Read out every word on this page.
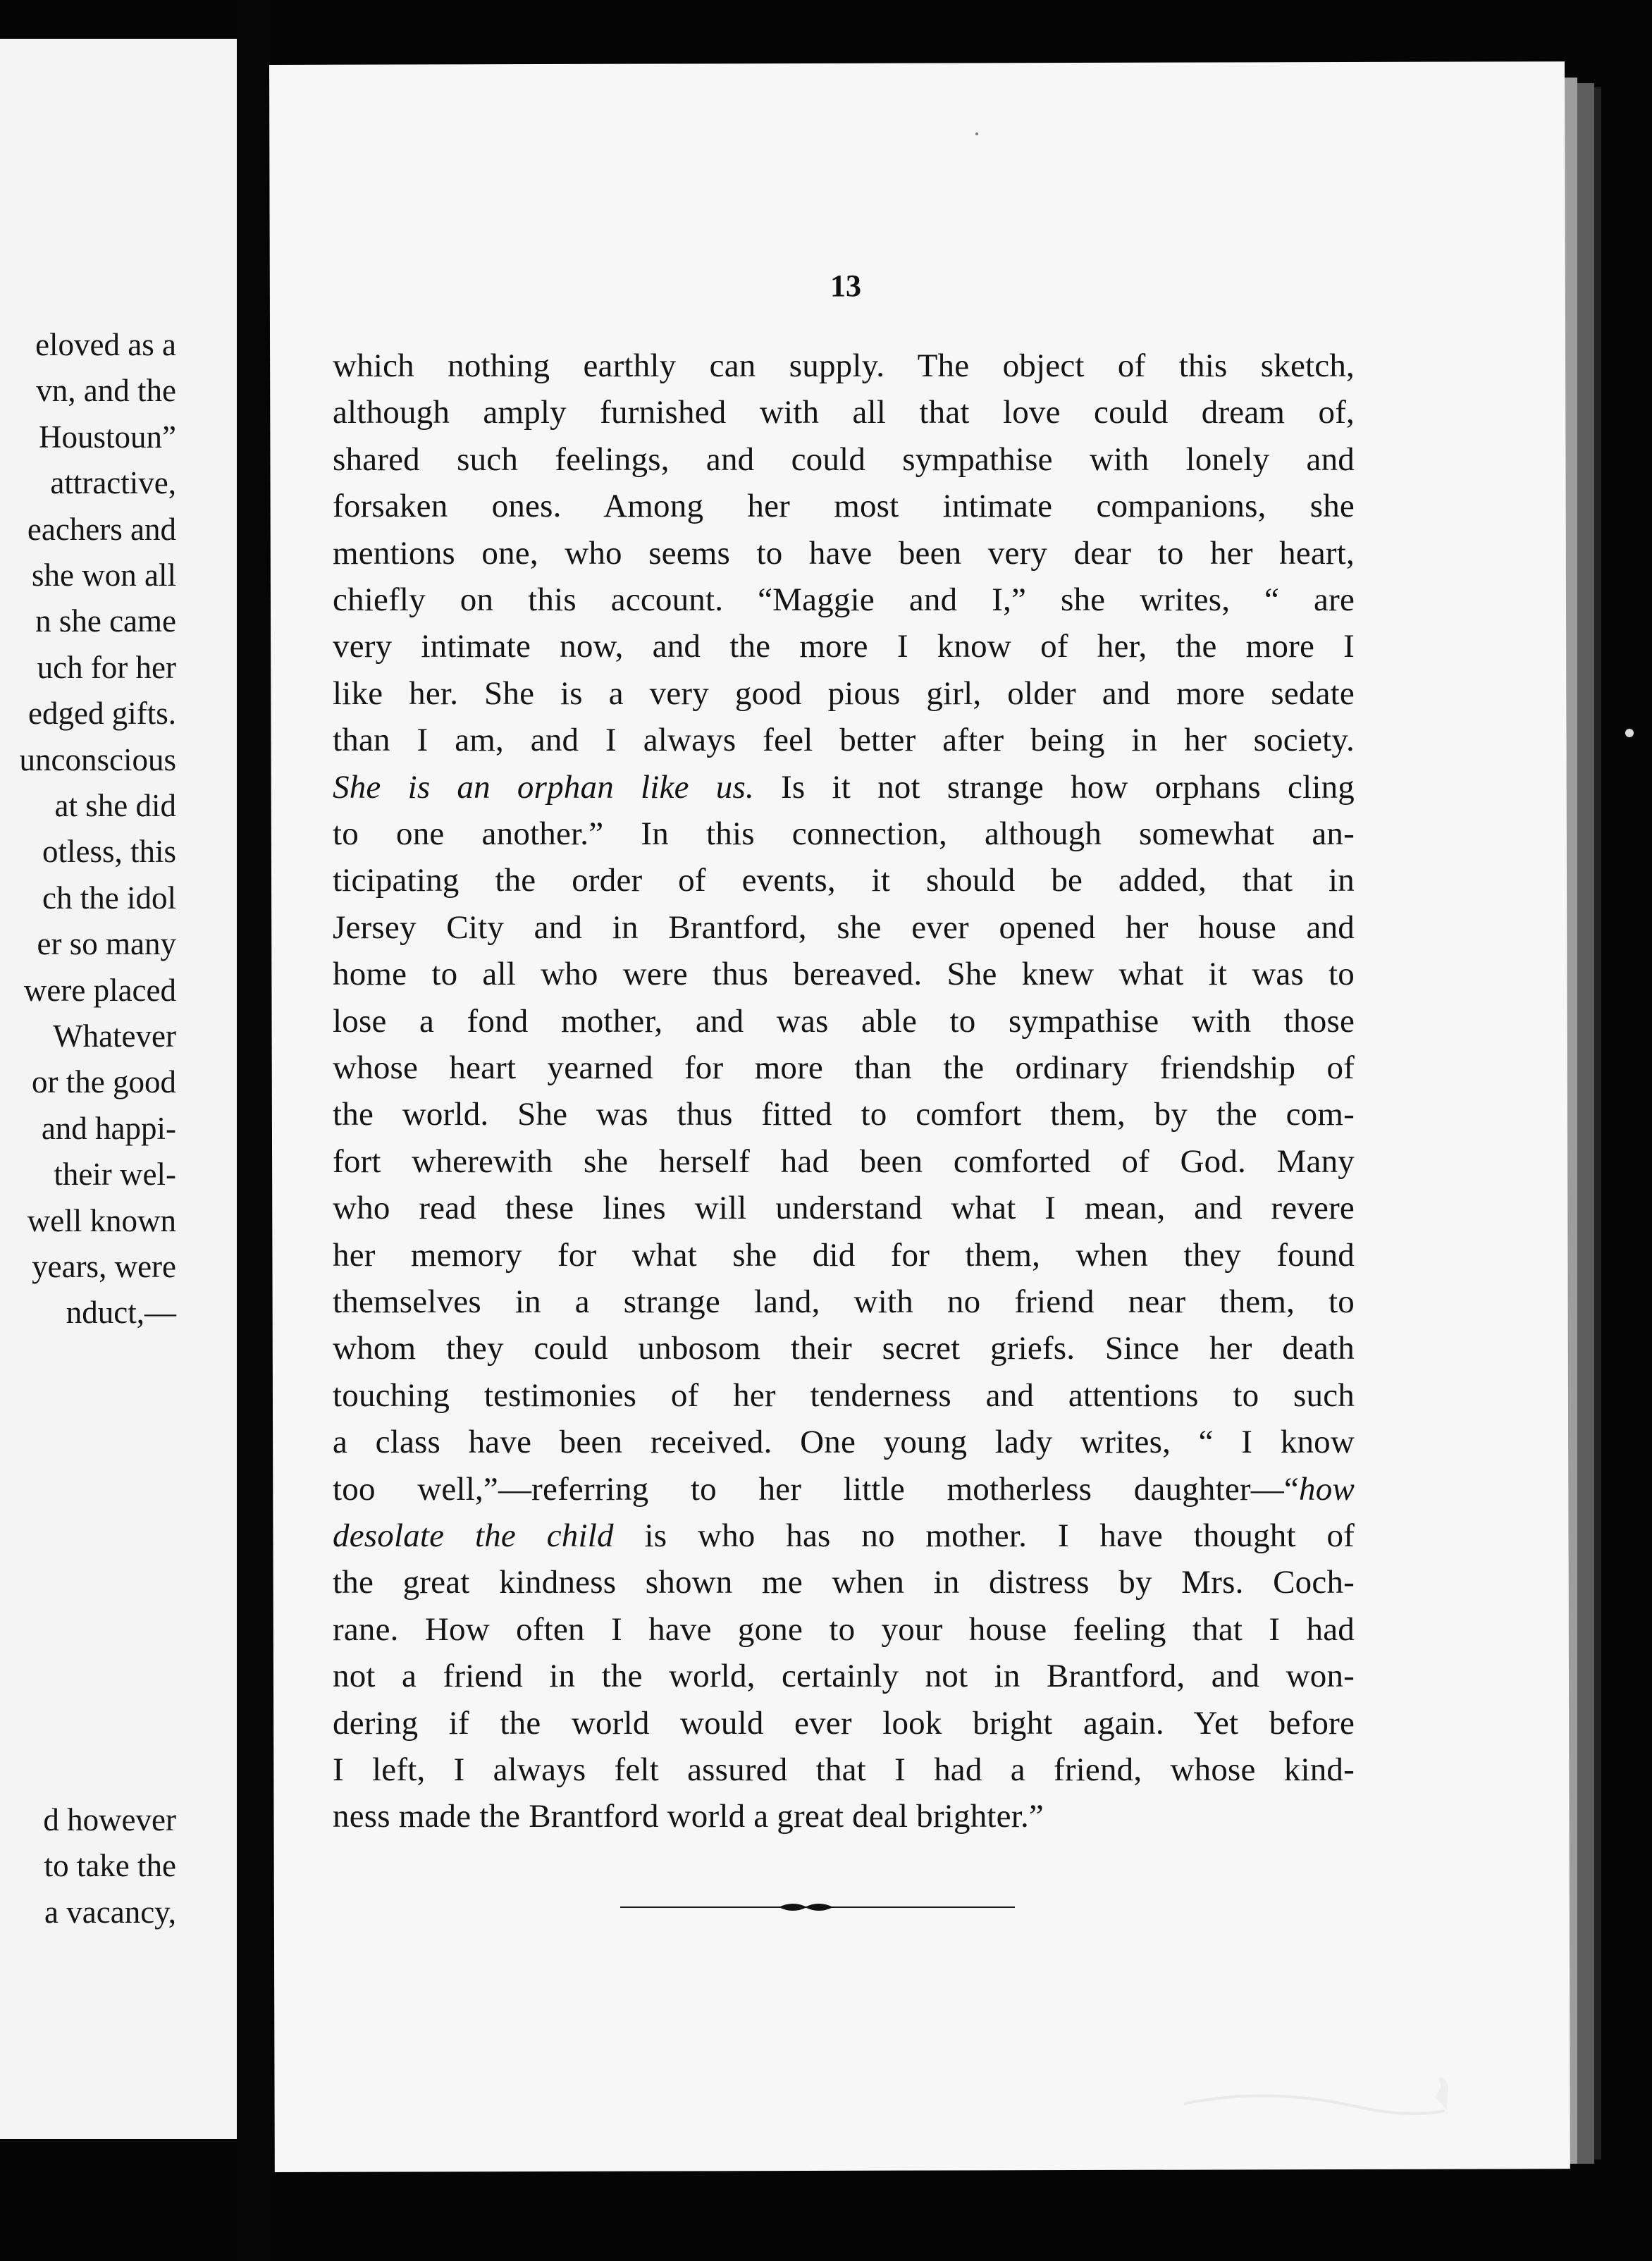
eloved as a
vn, and the
Houstoun”
attractive,
eachers and
she won all
n she came
uch for her
edged gifts.
unconscious
at she did
otless, this
ch the idol
er so many
were placed
Whatever
or the good
and happi-
their wel-
well known
years, were
nduct,—
d however
to take the
a vacancy,
13
which nothing earthly can supply. The object of this sketch,
although amply furnished with all that love could dream of,
shared such feelings, and could sympathise with lonely and
forsaken ones. Among her most intimate companions, she
mentions one, who seems to have been very dear to her heart,
chiefly on this account. “Maggie and I,” she writes, “ are
very intimate now, and the more I know of her, the more I
like her. She is a very good pious girl, older and more sedate
than I am, and I always feel better after being in her society.
She is an orphan like us. Is it not strange how orphans cling
to one another.” In this connection, although somewhat an-
ticipating the order of events, it should be added, that in
Jersey City and in Brantford, she ever opened her house and
home to all who were thus bereaved. She knew what it was to
lose a fond mother, and was able to sympathise with those
whose heart yearned for more than the ordinary friendship of
the world. She was thus fitted to comfort them, by the com-
fort wherewith she herself had been comforted of God. Many
who read these lines will understand what I mean, and revere
her memory for what she did for them, when they found
themselves in a strange land, with no friend near them, to
whom they could unbosom their secret griefs. Since her death
touching testimonies of her tenderness and attentions to such
a class have been received. One young lady writes, “ I know
too well,”—referring to her little motherless daughter—“how
desolate the child is who has no mother. I have thought of
the great kindness shown me when in distress by Mrs. Coch-
rane. How often I have gone to your house feeling that I had
not a friend in the world, certainly not in Brantford, and won-
dering if the world would ever look bright again. Yet before
I left, I always felt assured that I had a friend, whose kind-
ness made the Brantford world a great deal brighter.”
